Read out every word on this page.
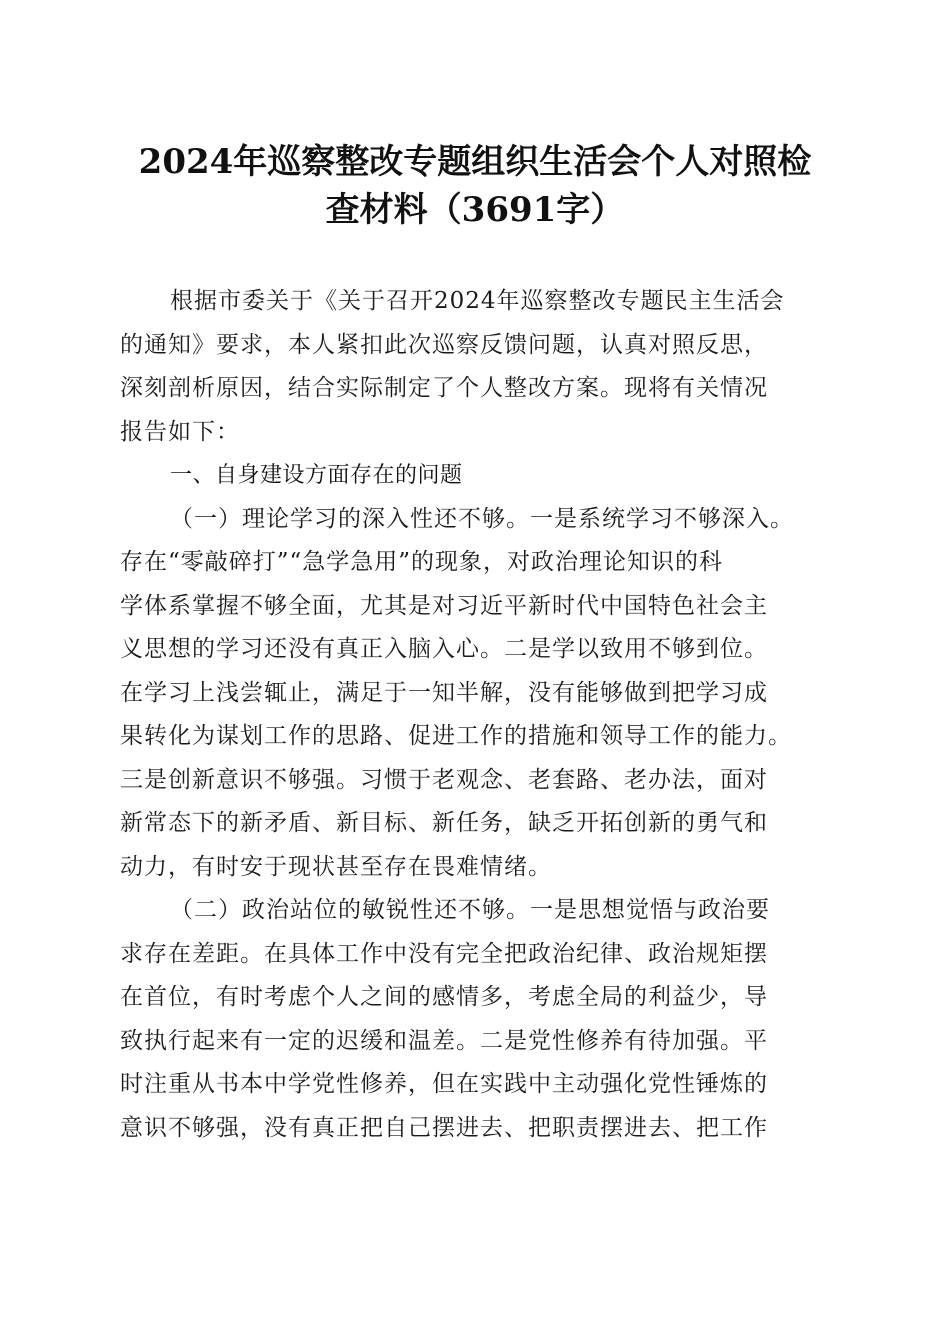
2024年巡察整改专题组织生活会个人对照检
查材料（3691字）
根据市委关于《关于召开2024年巡察整改专题民主生活会
的通知》要求，本人紧扣此次巡察反馈问题，认真对照反思，
深刻剖析原因，结合实际制定了个人整改方案。现将有关情况
报告如下：
一、自身建设方面存在的问题
（一）理论学习的深入性还不够。一是系统学习不够深入。
存在“零敲碎打”“急学急用”的现象，对政治理论知识的科
学体系掌握不够全面，尤其是对习近平新时代中国特色社会主
义思想的学习还没有真正入脑入心。二是学以致用不够到位。
在学习上浅尝辄止，满足于一知半解，没有能够做到把学习成
果转化为谋划工作的思路、促进工作的措施和领导工作的能力。
三是创新意识不够强。习惯于老观念、老套路、老办法，面对
新常态下的新矛盾、新目标、新任务，缺乏开拓创新的勇气和
动力，有时安于现状甚至存在畏难情绪。
（二）政治站位的敏锐性还不够。一是思想觉悟与政治要
求存在差距。在具体工作中没有完全把政治纪律、政治规矩摆
在首位，有时考虑个人之间的感情多，考虑全局的利益少，导
致执行起来有一定的迟缓和温差。二是党性修养有待加强。平
时注重从书本中学党性修养，但在实践中主动强化党性锤炼的
意识不够强，没有真正把自己摆进去、把职责摆进去、把工作
